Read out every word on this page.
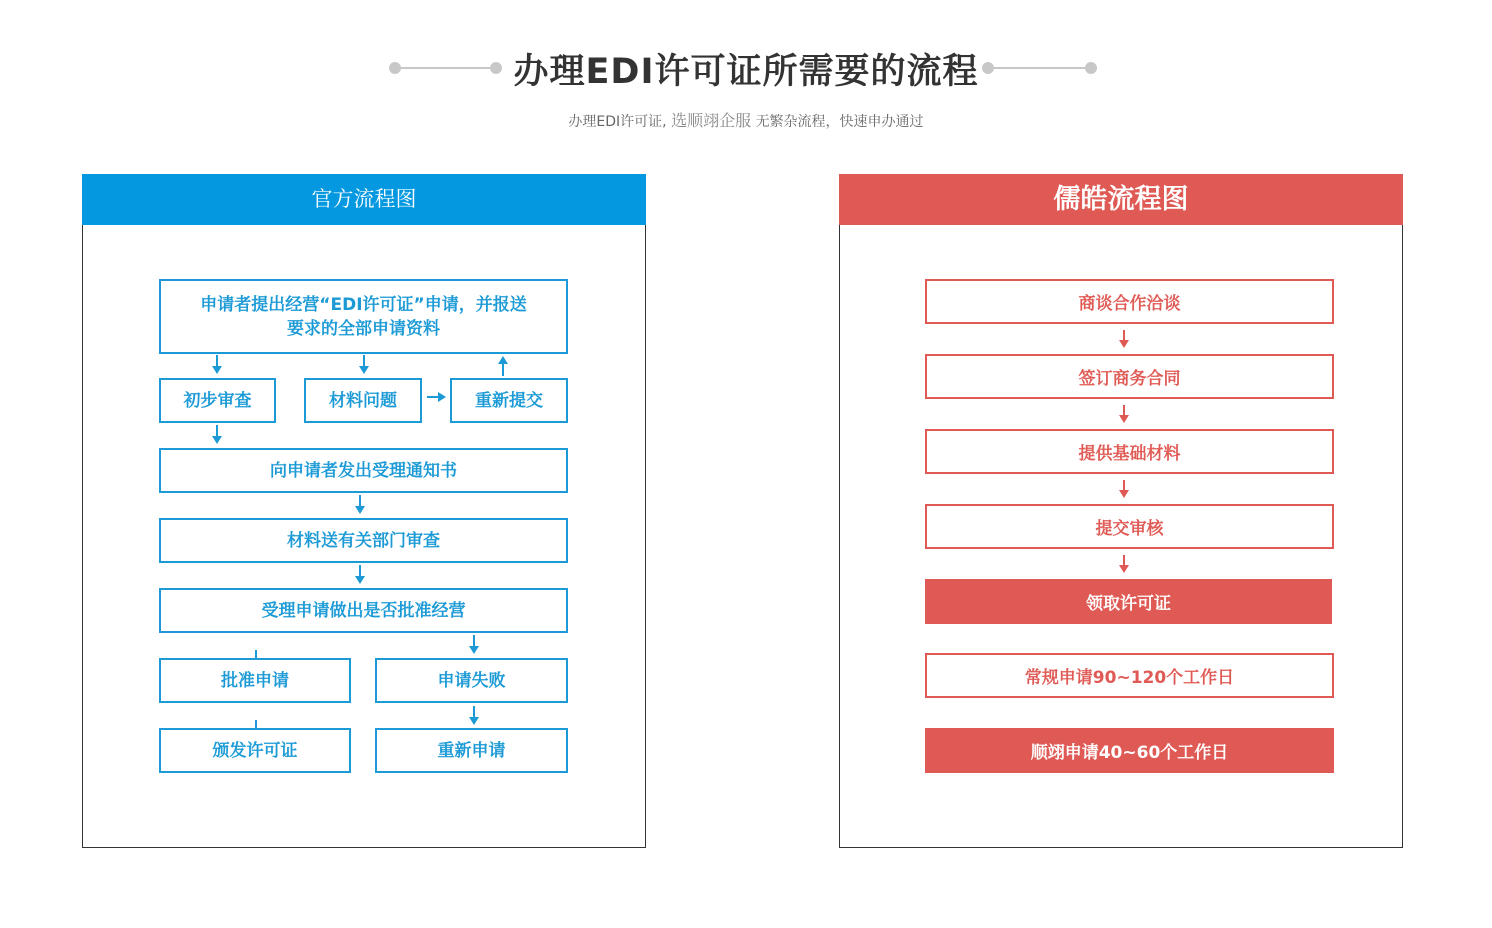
办理EDI许可证所需要的流程
办理EDI许可证, 选顺翊企服 无繁杂流程，快速申办通过
官方流程图
申请者提出经营“EDI许可证”申请，并报送
要求的全部申请资料
初步审查	材料问题	重新提交
向申请者发出受理通知书
材料送有关部门审查
受理申请做出是否批准经营
批准申请	申请失败
颁发许可证	重新申请
儒皓流程图
商谈合作洽谈
签订商务合同
提供基础材料
提交审核
领取许可证
常规申请90~120个工作日
顺翊申请40~60个工作日
